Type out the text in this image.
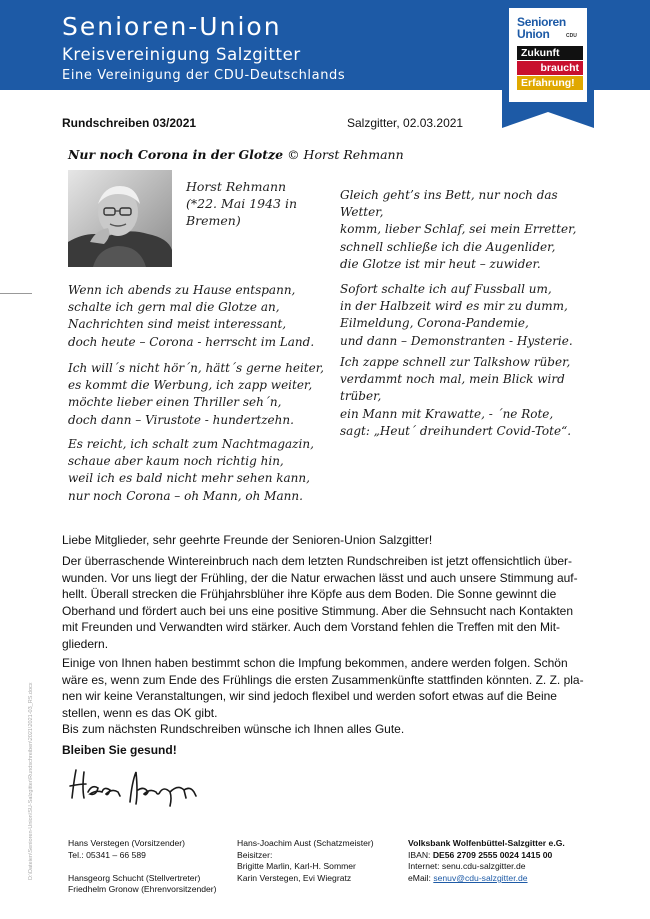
Senioren-Union
Kreisvereinigung Salzgitter
Eine Vereinigung der CDU-Deutschlands
Senioren
Union	CDU
Zukunft
braucht
Erfahrung!
Rundschreiben 03/2021	Salzgitter, 02.03.2021
Nur noch Corona in der Glotze © Horst Rehmann
Horst Rehmann
(*22. Mai 1943 in
Bremen)
Wenn ich abends zu Hause entspann,
schalte ich gern mal die Glotze an,
Nachrichten sind meist interessant,
doch heute – Corona - herrscht im Land.
Ich will´s nicht hör´n, hätt´s gerne heiter,
es kommt die Werbung, ich zapp weiter,
möchte lieber einen Thriller seh´n,
doch dann – Virustote - hundertzehn.
Es reicht, ich schalt zum Nachtmagazin,
schaue aber kaum noch richtig hin,
weil ich es bald nicht mehr sehen kann,
nur noch Corona – oh Mann, oh Mann.
Gleich geht’s ins Bett, nur noch das
Wetter,
komm, lieber Schlaf, sei mein Erretter,
schnell schließe ich die Augenlider,
die Glotze ist mir heut – zuwider.
Sofort schalte ich auf Fussball um,
in der Halbzeit wird es mir zu dumm,
Eilmeldung, Corona-Pandemie,
und dann – Demonstranten - Hysterie.
Ich zappe schnell zur Talkshow rüber,
verdammt noch mal, mein Blick wird
trüber,
ein Mann mit Krawatte, - ´ne Rote,
sagt: „Heut´ dreihundert Covid-Tote“.
D:\Dateien\Senioren-Union\SU-Salzgitter\Rundschreiben\2021\2021-03_RS.docx
Liebe Mitglieder, sehr geehrte Freunde der Senioren-Union Salzgitter!
Der überraschende Wintereinbruch nach dem letzten Rundschreiben ist jetzt offensichtlich über-
wunden. Vor uns liegt der Frühling, der die Natur erwachen lässt und auch unsere Stimmung auf-
hellt. Überall strecken die Frühjahrsblüher ihre Köpfe aus dem Boden. Die Sonne gewinnt die
Oberhand und fördert auch bei uns eine positive Stimmung. Aber die Sehnsucht nach Kontakten
mit Freunden und Verwandten wird stärker. Auch dem Vorstand fehlen die Treffen mit den Mit-
gliedern.
Einige von Ihnen haben bestimmt schon die Impfung bekommen, andere werden folgen. Schön
wäre es, wenn zum Ende des Frühlings die ersten Zusammenkünfte stattfinden könnten. Z. Z. pla-
nen wir keine Veranstaltungen, wir sind jedoch flexibel und werden sofort etwas auf die Beine
stellen, wenn es das OK gibt.
Bis zum nächsten Rundschreiben wünsche ich Ihnen alles Gute.
Bleiben Sie gesund!
Hans Verstegen (Vorsitzender)
Tel.: 05341 – 66 589
Hansgeorg Schucht (Stellvertreter)
Friedhelm Gronow (Ehrenvorsitzender)
Hans-Joachim Aust (Schatzmeister)
Beisitzer:
Brigitte Marlin, Karl-H. Sommer
Karin Verstegen, Evi Wiegratz
Volksbank Wolfenbüttel-Salzgitter e.G.
IBAN: DE56 2709 2555 0024 1415 00
Internet: senu.cdu-salzgitter.de
eMail: senuv@cdu-salzgitter.de
